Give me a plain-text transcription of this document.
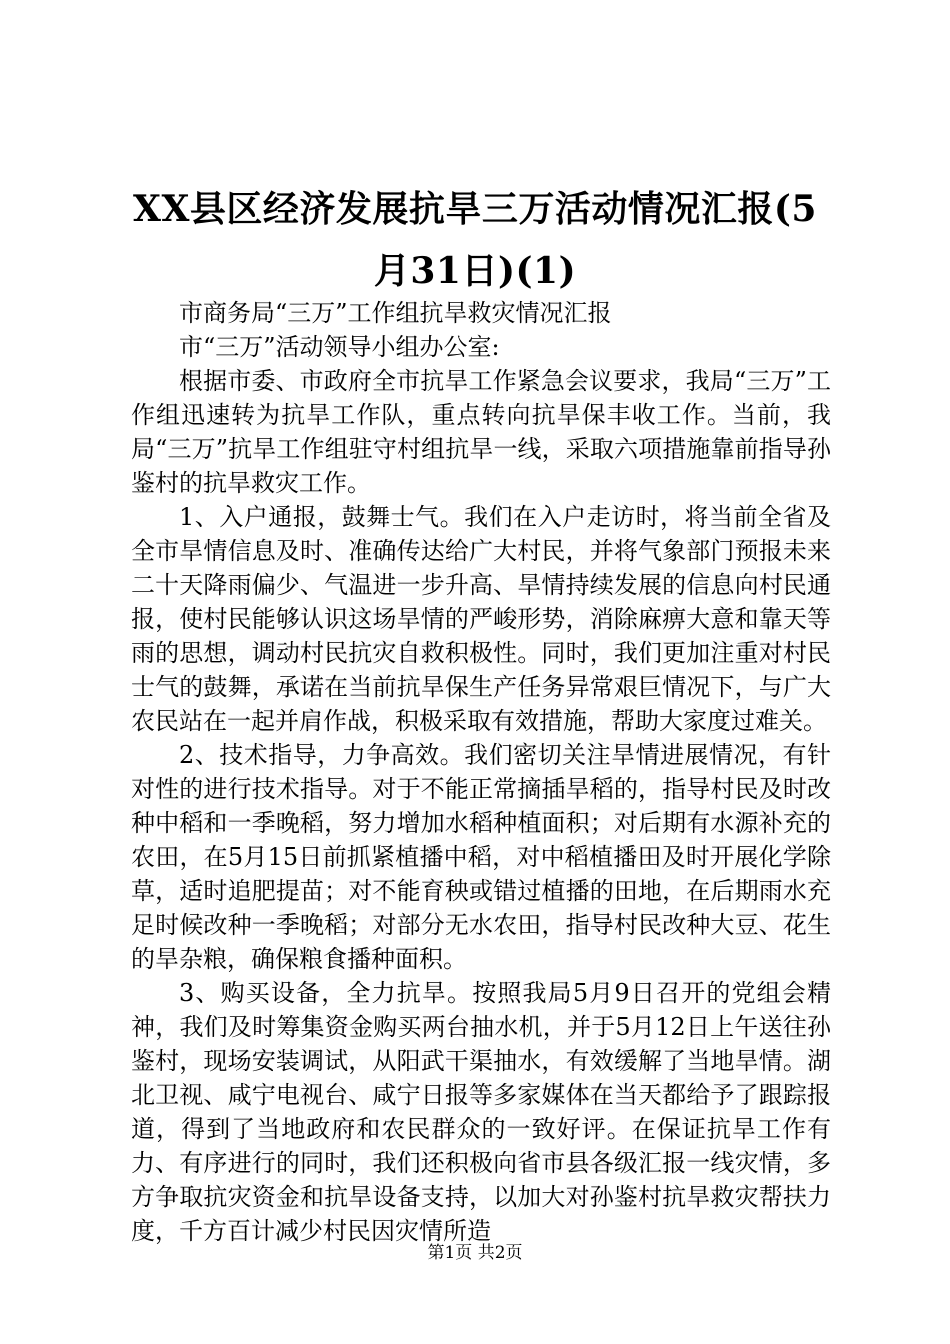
XX县区经济发展抗旱三万活动情况汇报(5月31日)(1)

市商务局“三万”工作组抗旱救灾情况汇报

市“三万”活动领导小组办公室:

根据市委、市政府全市抗旱工作紧急会议要求，我局“三万”工作组迅速转为抗旱工作队，重点转向抗旱保丰收工作。当前，我局“三万”抗旱工作组驻守村组抗旱一线，采取六项措施靠前指导孙鉴村的抗旱救灾工作。

1、入户通报，鼓舞士气。我们在入户走访时，将当前全省及全市旱情信息及时、准确传达给广大村民，并将气象部门预报未来二十天降雨偏少、气温进一步升高、旱情持续发展的信息向村民通报，使村民能够认识这场旱情的严峻形势，消除麻痹大意和靠天等雨的思想，调动村民抗灾自救积极性。同时，我们更加注重对村民士气的鼓舞，承诺在当前抗旱保生产任务异常艰巨情况下，与广大农民站在一起并肩作战，积极采取有效措施，帮助大家度过难关。

2、技术指导，力争高效。我们密切关注旱情进展情况，有针对性的进行技术指导。对于不能正常摘插旱稻的，指导村民及时改种中稻和一季晚稻，努力增加水稻种植面积；对后期有水源补充的农田，在5月15日前抓紧植播中稻，对中稻植播田及时开展化学除草，适时追肥提苗；对不能育秧或错过植播的田地，在后期雨水充足时候改种一季晚稻；对部分无水农田，指导村民改种大豆、花生的旱杂粮，确保粮食播种面积。

3、购买设备，全力抗旱。按照我局5月9日召开的党组会精神，我们及时筹集资金购买两台抽水机，并于5月12日上午送往孙鉴村，现场安装调试，从阳武干渠抽水，有效缓解了当地旱情。湖北卫视、咸宁电视台、咸宁日报等多家媒体在当天都给予了跟踪报道，得到了当地政府和农民群众的一致好评。在保证抗旱工作有力、有序进行的同时，我们还积极向省市县各级汇报一线灾情，多方争取抗灾资金和抗旱设备支持，以加大对孙鉴村抗旱救灾帮扶力度，千方百计减少村民因灾情所造

第1页 共2页
